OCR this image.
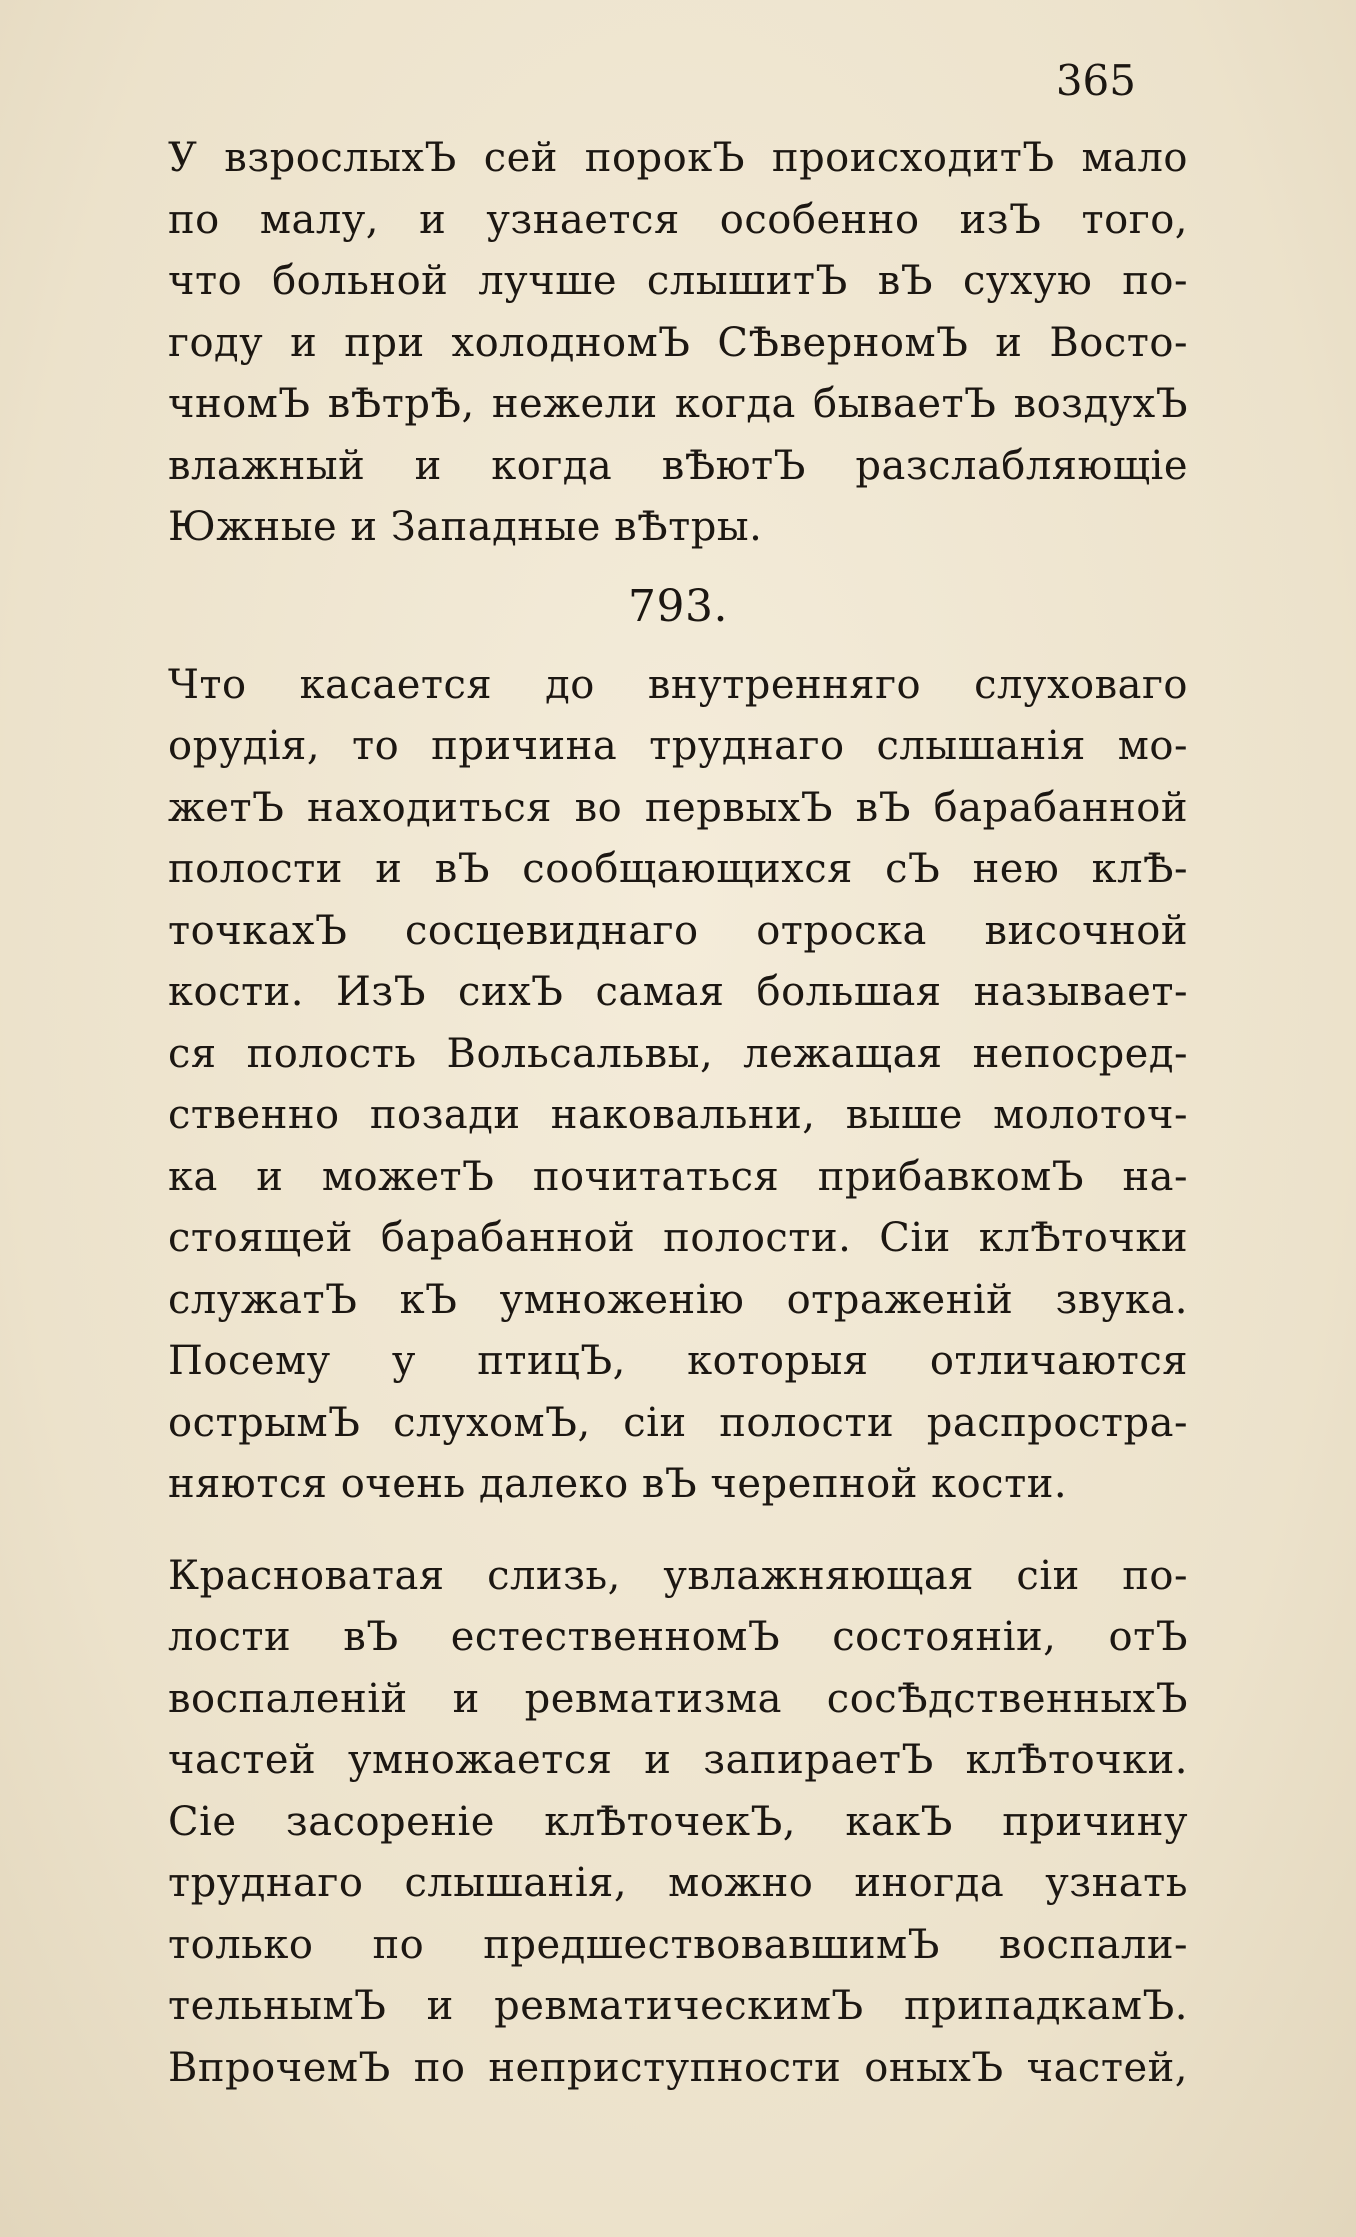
365
У взрослыхЪ сей порокЪ происходитЪ мало
по малу, и узнается особенно изЪ того,
что больной лучше слышитЪ вЪ сухую по-
году и при холодномЪ СѢверномЪ и Восто-
чномЪ вѢтрѢ, нежели когда бываетЪ воздухЪ
влажный и когда вѢютЪ разслабляющіе
Южные и Западные вѢтры.
793.
Что касается до внутренняго слуховаго
орудія, то причина труднаго слышанія мо-
жетЪ находиться во первыхЪ вЪ барабанной
полости и вЪ сообщающихся сЪ нею клѢ-
точкахЪ сосцевиднаго отроска височной
кости. ИзЪ сихЪ самая большая называет-
ся полость Вольсальвы, лежащая непосред-
ственно позади наковальни, выше молоточ-
ка и можетЪ почитаться прибавкомЪ на-
стоящей барабанной полости. Сіи клѢточки
служатЪ кЪ умноженію отраженій звука.
Посему у птицЪ, которыя отличаются
острымЪ слухомЪ, сіи полости распростра-
няются очень далеко вЪ черепной кости.
Красноватая слизь, увлажняющая сіи по-
лости вЪ естественномЪ состояніи, отЪ
воспаленій и ревматизма сосѢдственныхЪ
частей умножается и запираетЪ клѢточки.
Сіе засореніе клѢточекЪ, какЪ причину
труднаго слышанія, можно иногда узнать
только по предшествовавшимЪ воспали-
тельнымЪ и ревматическимЪ припадкамЪ.
ВпрочемЪ по неприступности оныхЪ частей,
